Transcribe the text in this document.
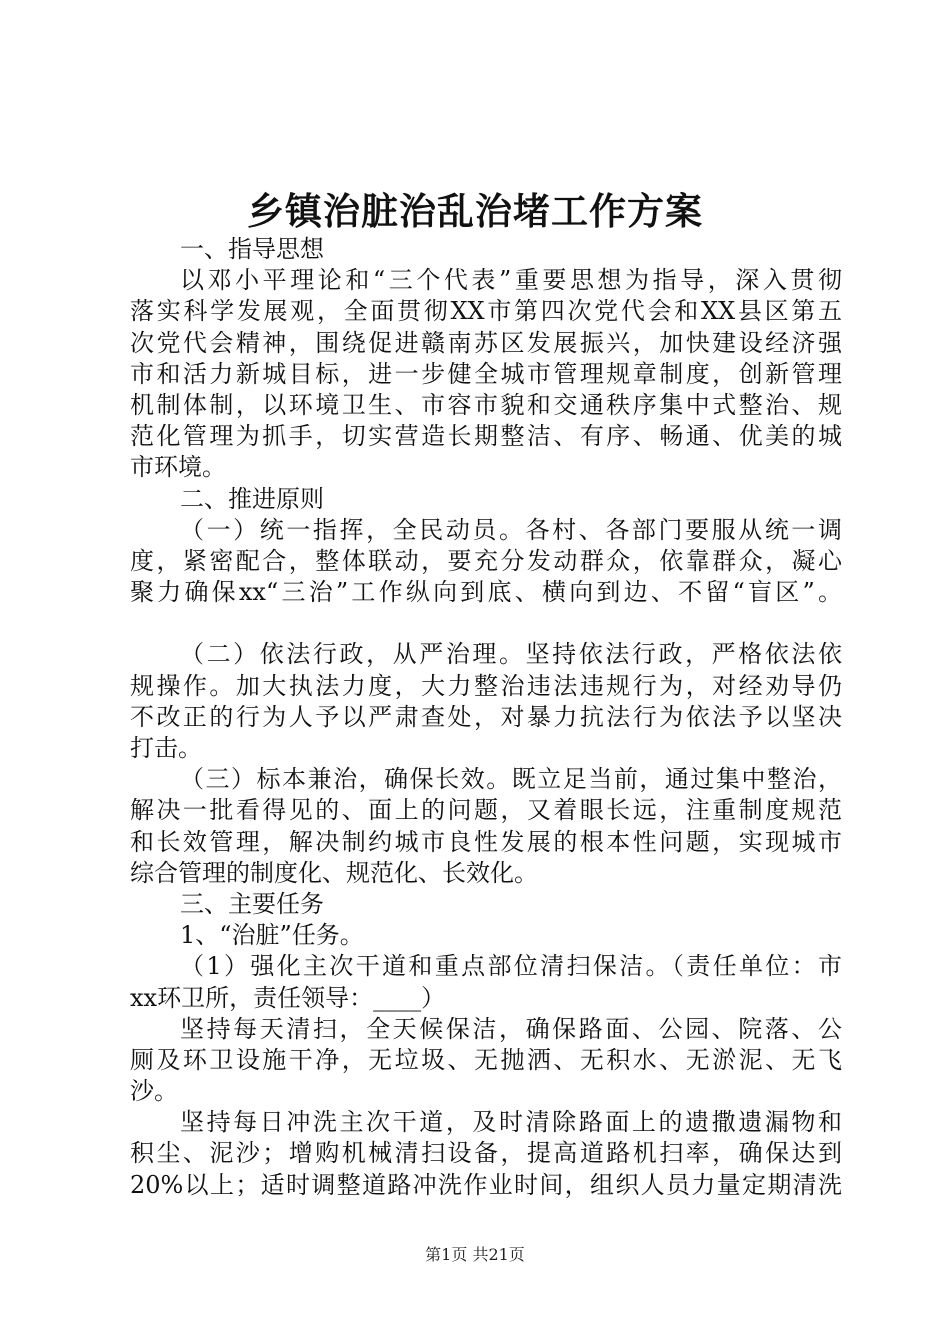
乡镇治脏治乱治堵工作方案
一、指导思想
以邓小平理论和“三个代表”重要思想为指导，深入贯彻
落实科学发展观，全面贯彻XX市第四次党代会和XX县区第五
次党代会精神，围绕促进赣南苏区发展振兴，加快建设经济强
市和活力新城目标，进一步健全城市管理规章制度，创新管理
机制体制，以环境卫生、市容市貌和交通秩序集中式整治、规
范化管理为抓手，切实营造长期整洁、有序、畅通、优美的城
市环境。
二、推进原则
（一）统一指挥，全民动员。各村、各部门要服从统一调
度，紧密配合，整体联动，要充分发动群众，依靠群众，凝心
聚力确保xx“三治”工作纵向到底、横向到边、不留“盲区”。
（二）依法行政，从严治理。坚持依法行政，严格依法依
规操作。加大执法力度，大力整治违法违规行为，对经劝导仍
不改正的行为人予以严肃查处，对暴力抗法行为依法予以坚决
打击。
（三）标本兼治，确保长效。既立足当前，通过集中整治，
解决一批看得见的、面上的问题，又着眼长远，注重制度规范
和长效管理，解决制约城市良性发展的根本性问题，实现城市
综合管理的制度化、规范化、长效化。
三、主要任务
1、“治脏”任务。
（1）强化主次干道和重点部位清扫保洁。（责任单位：市
xx环卫所，责任领导：____）
坚持每天清扫，全天候保洁，确保路面、公园、院落、公
厕及环卫设施干净，无垃圾、无抛洒、无积水、无淤泥、无飞
沙。
坚持每日冲洗主次干道，及时清除路面上的遗撒遗漏物和
积尘、泥沙；增购机械清扫设备，提高道路机扫率，确保达到
20%以上；适时调整道路冲洗作业时间，组织人员力量定期清洗
第1页 共21页
